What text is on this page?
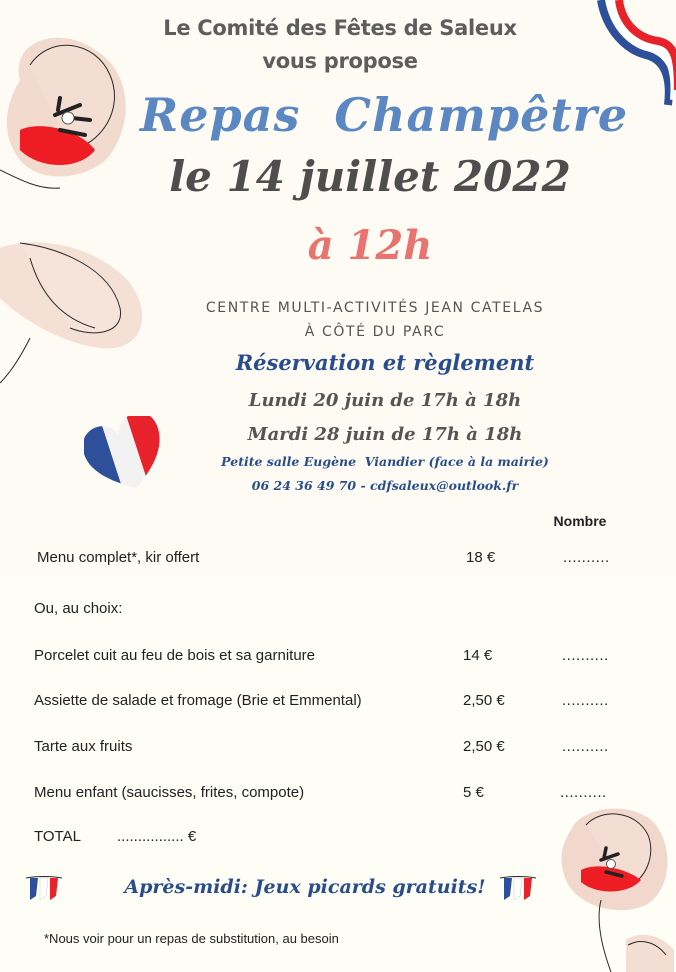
Le Comité des Fêtes de Saleux
vous propose
Repas  Champêtre
le 14 juillet 2022
à 12h
CENTRE MULTI-ACTIVITÉS JEAN CATELAS
À CÔTÉ DU PARC
Réservation et règlement
Lundi 20 juin de 17h à 18h
Mardi 28 juin de 17h à 18h
Petite salle Eugène  Viandier (face à la mairie)
06 24 36 49 70 - cdfsaleux@outlook.fr
Nombre
Menu complet*, kir offert	18 €	..........
Ou, au choix:
Porcelet cuit au feu de bois et sa garniture	14 €	..........
Assiette de salade et fromage (Brie et Emmental)	2,50 €	..........
Tarte aux fruits	2,50 €	..........
Menu enfant (saucisses, frites, compote)	5 €	..........
TOTAL ................ €
Après-midi: Jeux picards gratuits!
*Nous voir pour un repas de substitution, au besoin
